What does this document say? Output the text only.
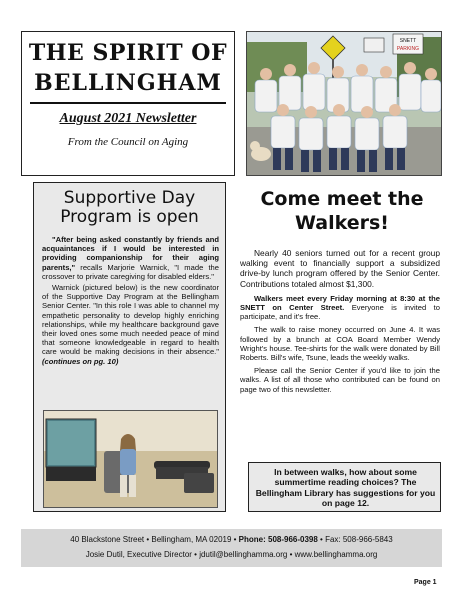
THE SPIRIT OF
BELLINGHAM
August 2021 Newsletter
From the Council on Aging
SNETT
PARKING
Supportive Day
Program is open

"After being asked constantly by friends and acquaintances if I would be interested in providing companionship for their aging parents," recalls Marjorie Warnick, "I made the crossover to private caregiving for disabled elders."

Warnick (pictured below) is the new coordinator of the Supportive Day Program at the Bellingham Senior Center. "In this role I was able to channel my empathetic personality to develop highly enriching relationships, while my healthcare background gave their loved ones some much needed peace of mind that someone knowledgeable in regard to health care would be making decisions in their absence." (continues on pg. 10)

Come meet the
Walkers!

Nearly 40 seniors turned out for a recent group walking event to financially support a subsidized drive-by lunch program offered by the Senior Center. Contributions totaled almost $1,300.

Walkers meet every Friday morning at 8:30 at the SNETT on Center Street. Everyone is invited to participate, and it's free.

The walk to raise money occurred on June 4. It was followed by a brunch at COA Board Member Wendy Wright's house. Tee-shirts for the walk were donated by Bill Roberts. Bill's wife, Tsune, leads the weekly walks.

Please call the Senior Center if you'd like to join the walks. A list of all those who contributed can be found on page two of this newsletter.

In between walks, how about some summertime reading choices? The Bellingham Library has suggestions for you on page 12.
40 Blackstone Street • Bellingham, MA 02019 • Phone: 508-966-0398 • Fax: 508-966-5843
Josie Dutil, Executive Director • jdutil@bellinghamma.org • www.bellinghamma.org
Page 1
